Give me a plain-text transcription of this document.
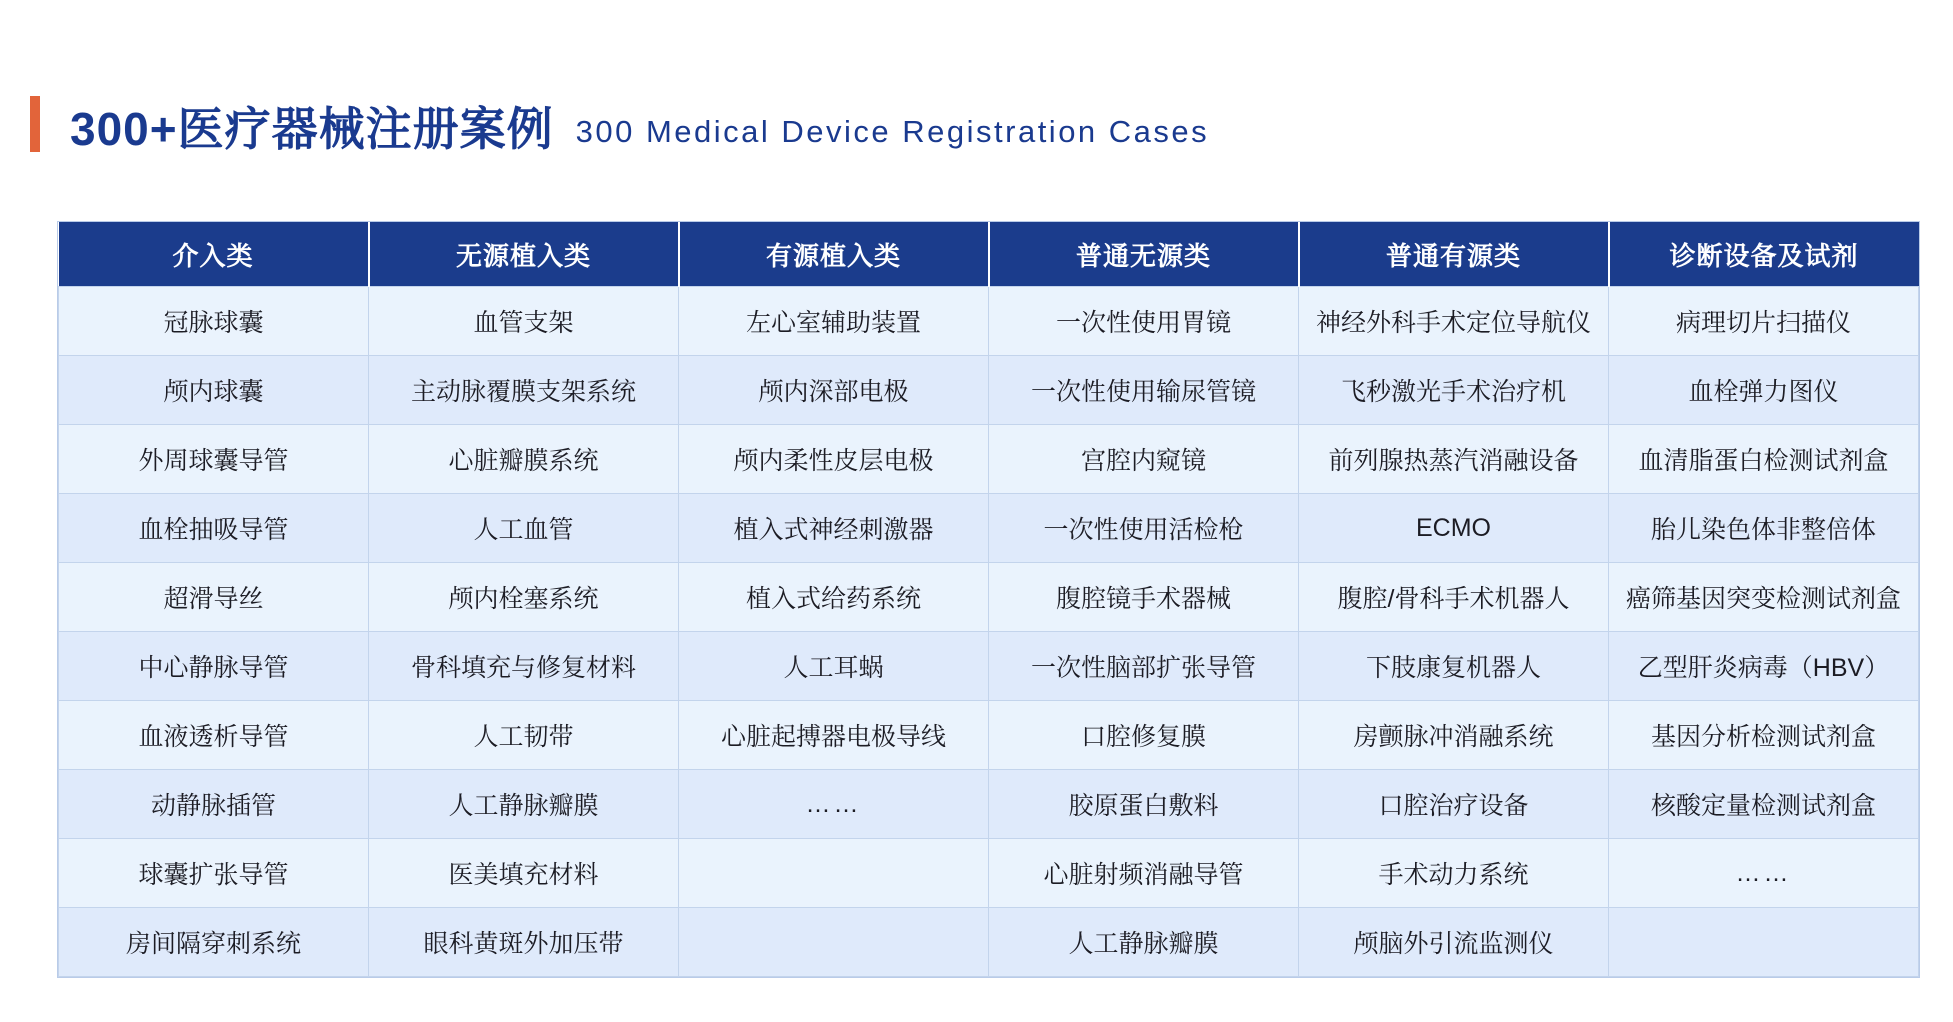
300+医疗器械注册案例 300 Medical Device Registration Cases
介入类	无源植入类	有源植入类	普通无源类	普通有源类	诊断设备及试剂
冠脉球囊	血管支架	左心室辅助装置	一次性使用胃镜	神经外科手术定位导航仪	病理切片扫描仪
颅内球囊	主动脉覆膜支架系统	颅内深部电极	一次性使用输尿管镜	飞秒激光手术治疗机	血栓弹力图仪
外周球囊导管	心脏瓣膜系统	颅内柔性皮层电极	宫腔内窥镜	前列腺热蒸汽消融设备	血清脂蛋白检测试剂盒
血栓抽吸导管	人工血管	植入式神经刺激器	一次性使用活检枪	ECMO	胎儿染色体非整倍体
超滑导丝	颅内栓塞系统	植入式给药系统	腹腔镜手术器械	腹腔/骨科手术机器人	癌筛基因突变检测试剂盒
中心静脉导管	骨科填充与修复材料	人工耳蜗	一次性脑部扩张导管	下肢康复机器人	乙型肝炎病毒（HBV）
血液透析导管	人工韧带	心脏起搏器电极导线	口腔修复膜	房颤脉冲消融系统	基因分析检测试剂盒
动静脉插管	人工静脉瓣膜	……	胶原蛋白敷料	口腔治疗设备	核酸定量检测试剂盒
球囊扩张导管	医美填充材料		心脏射频消融导管	手术动力系统	……
房间隔穿刺系统	眼科黄斑外加压带		人工静脉瓣膜	颅脑外引流监测仪	
